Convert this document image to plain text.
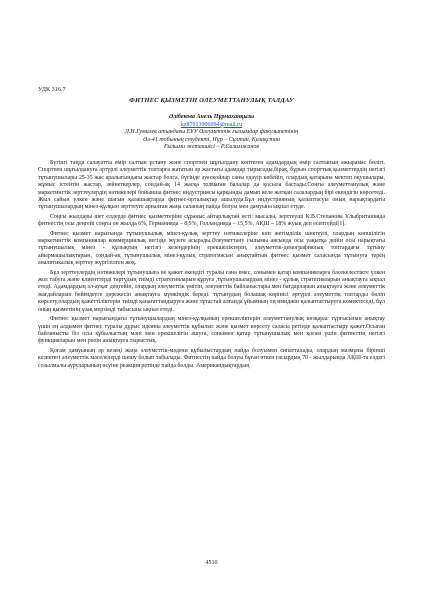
УДК 316.7

ФИТНЕС ҚЫЗМЕТІН ӘЛЕУМЕТТАНУЛЫҚ ТАЛДАУ

Әлібекова Анель Нұрмаханқызы
kz87013906994@mail.ru
Л.Н.Гумилев атындағы ЕҰУ Әлеуметтік ғылымдар факультетінің
Әл-41 тобының студенті, Нұр – Сұлтан, Қазақстан
Ғылыми жетекшісі – Р.Салимжанов

Бүгінгі таңда салауатты өмір салтын ұстану және спортпен шұғылдану көптеген адамдардың өмір салтының ажырамас бөлігі. Спортпен шұғылдануға әртүрлі әлеуметтік топтарға жататын әр жастағы адамдар тырысады,бірақ, бұрын спорттық қызметтердің негізгі тұтынушылары 25-35 жас аралығындағы жастар болса, бүгінде әуесқойлар саны едәуір көбейіп, олардың қатарына мектеп оқушылары, жұмыс істейтін жастар, зейнеткерлер, сондай-ақ 14 жасқа толмаған балалар да қосыла бастады.Соңғы әлеуметтанулық және маркетингтік зерттеулердің нәтижелері бойынша фитнес индустриясы қарқынды дамып келе жатқан салалардың бірі екендігін көрсетеді. Жыл сайын үлкен және шағын қалашықтарда фитнес-орталықтар ашылуда.Бұл индустрияның қалыптасуы оның нарықтардағы тұтынушылардың мінез-құлқын зерттеуге арналған жаңа саланың пайда болуы мен дамуына ықпал етуде.

Соңғы жылдары шет елдерде фитнес қызметтеріне сұраныс айтарлықтай өсті: мысалы, зерттеуші К.В.Степанова Ұлыбританияда фитнестің осы деңгейі соңғы он жылда 6%, Германияда – 8,5%, Голландияда – 15,5%, АҚШ – 18% жуық деп есептейді[1].

Фитнес қызмет нарығында тұтынушылық мінез-құлық зерттеу нәтижелеріне көп жетімділік шектеулі, олардың көпшілігін маркетингтік компаниялар коммерциялық негізде жүзеге асырады.Әлеуметтану ғылымы аясында осы уақытқа дейін осы нарықтағы тұтынушылық мінез - құлықтың негізгі кезеңдерінің ерекшеліктерін, әлеуметтік-демографиялық топтардағы тұтыну айырмашылықтарын, сондай-ақ тұтынушылық мінез-құлық стратегиясын анықтайтын фитнес қызмет саласында тұтынуға терең аналитикалық зерттеу жүргізілген жоқ.

Бұл зерттеулердің нәтижелері тұтынушыға не қажет екендігі туралы ғана емес, сонымен қатар компанияларға бәсекелестікте үлкен жол табуға және клиенттерді тартудың тиімді стратегияларын құруға ,тұтынушылардың мінез - құлық стратегияларын анықтауға ықпал етеді. Адамдардың әл-ауқат деңгейін, олардың әлеуметтік үмітін, әлеуметтік байланыстары мен бағдарларын анықтауға және әлеуметтік жағдайларын бейімдеуге дәрежесін анықтауға мүмкіндік береді. тұтынудың болашақ көрінісі әртүрлі әлеуметтік топтарды бөліп көрсету,олардың қажеттіліктерін тиімді қанағаттандыруға және тұтастай алғанда ұйымның оң имиджін қалыптастыруға көмектеседі, бұл оның қызметінің ұзақ мерзімді табысына ықпал етеді.

Фитнес қызмет нарығындағы тұтынушылардың мінез-құлқының ерекшеліктерін әлеуметтанулық көзқарас тұрғысынан анықтау үшін ең алдымен фитнес туралы дұрыс идеяны әлеуметтік құбылыс және қызмет көрсету саласы ретінде қалыптастыру қажет.Осыған байланысты біз осы құбылыстың мәні мен ерекшелігін ашуға, сонымен қатар тұтынушылық мен қоғам үшін фитнестің негізгі функцияларын мен рөлін анықтауға тырыстық.

Қоғам дамуының әр кезеңі жаңа әлеуметтік-мәдени құбылыстардың пайда болуымен сипатталады, олардың мазмұны бірінші кезектегі әлеуметтік мәселелерді шешу болып табылады. Фитнестің пайда болуы бұған өткен ғасырдың 70 - жылдарында АҚШ-та елдегі созылмалы ауруларының өсуіне реакция ретінде пайда болды. Американдықтардың

4510
